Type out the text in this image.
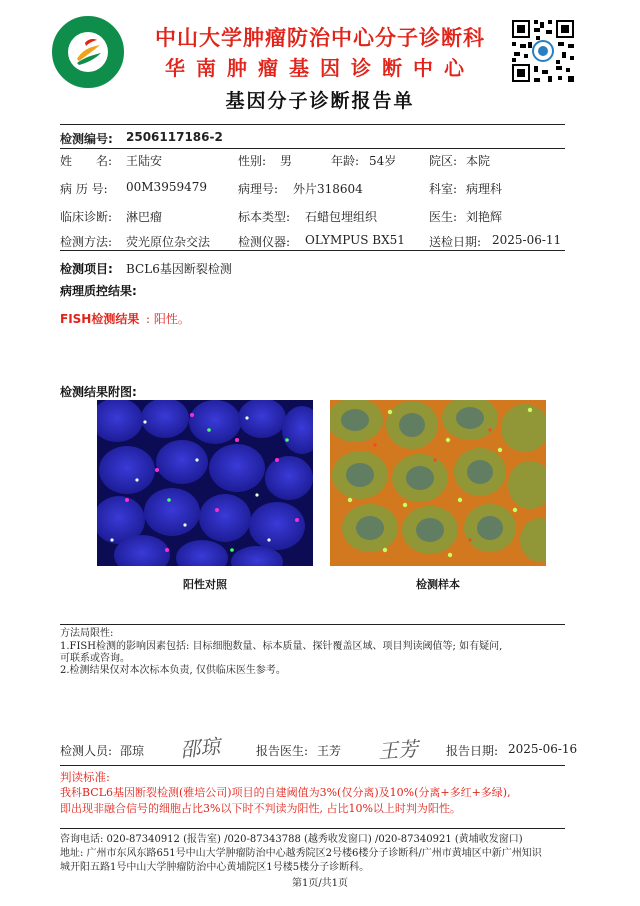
中山大学肿瘤防治中心分子诊断科
华南肿瘤基因诊断中心
基因分子诊断报告单
检测编号: 2506117186-2
姓　　名: 王陆安	性别: 男	年龄: 54岁	院区: 本院
病 历 号: 00M3959479	病理号: 外片318604	科室: 病理科
临床诊断: 淋巴瘤	标本类型: 石蜡包埋组织	医生: 刘艳辉
检测方法: 荧光原位杂交法 检测仪器: OLYMPUS BX51 送检日期: 2025-06-11
检测项目: BCL6基因断裂检测
病理质控结果:
FISH检测结果 : 阳性。
检测结果附图:
阳性对照	检测样本
方法局限性:
1.FISH检测的影响因素包括: 目标细胞数量、标本质量、探针覆盖区域、项目判读阈值等; 如有疑问,
可联系或咨询。
2.检测结果仅对本次标本负责, 仅供临床医生参考。
检测人员: 邵琼 邵琼	报告医生: 王芳 王芳 报告日期: 2025-06-16
判读标准:
我科BCL6基因断裂检测(雅培公司)项目的自建阈值为3%(仅分离)及10%(分离+多红+多绿),
即出现非融合信号的细胞占比3%以下时不判读为阳性, 占比10%以上时判为阳性。
咨询电话: 020-87340912 (报告室) /020-87343788 (越秀收发窗口) /020-87340921 (黄埔收发窗口)
地址: 广州市东风东路651号中山大学肿瘤防治中心越秀院区2号楼6楼分子诊断科/广州市黄埔区中新广州知识
城开阳五路1号中山大学肿瘤防治中心黄埔院区1号楼5楼分子诊断科。
第1页/共1页
